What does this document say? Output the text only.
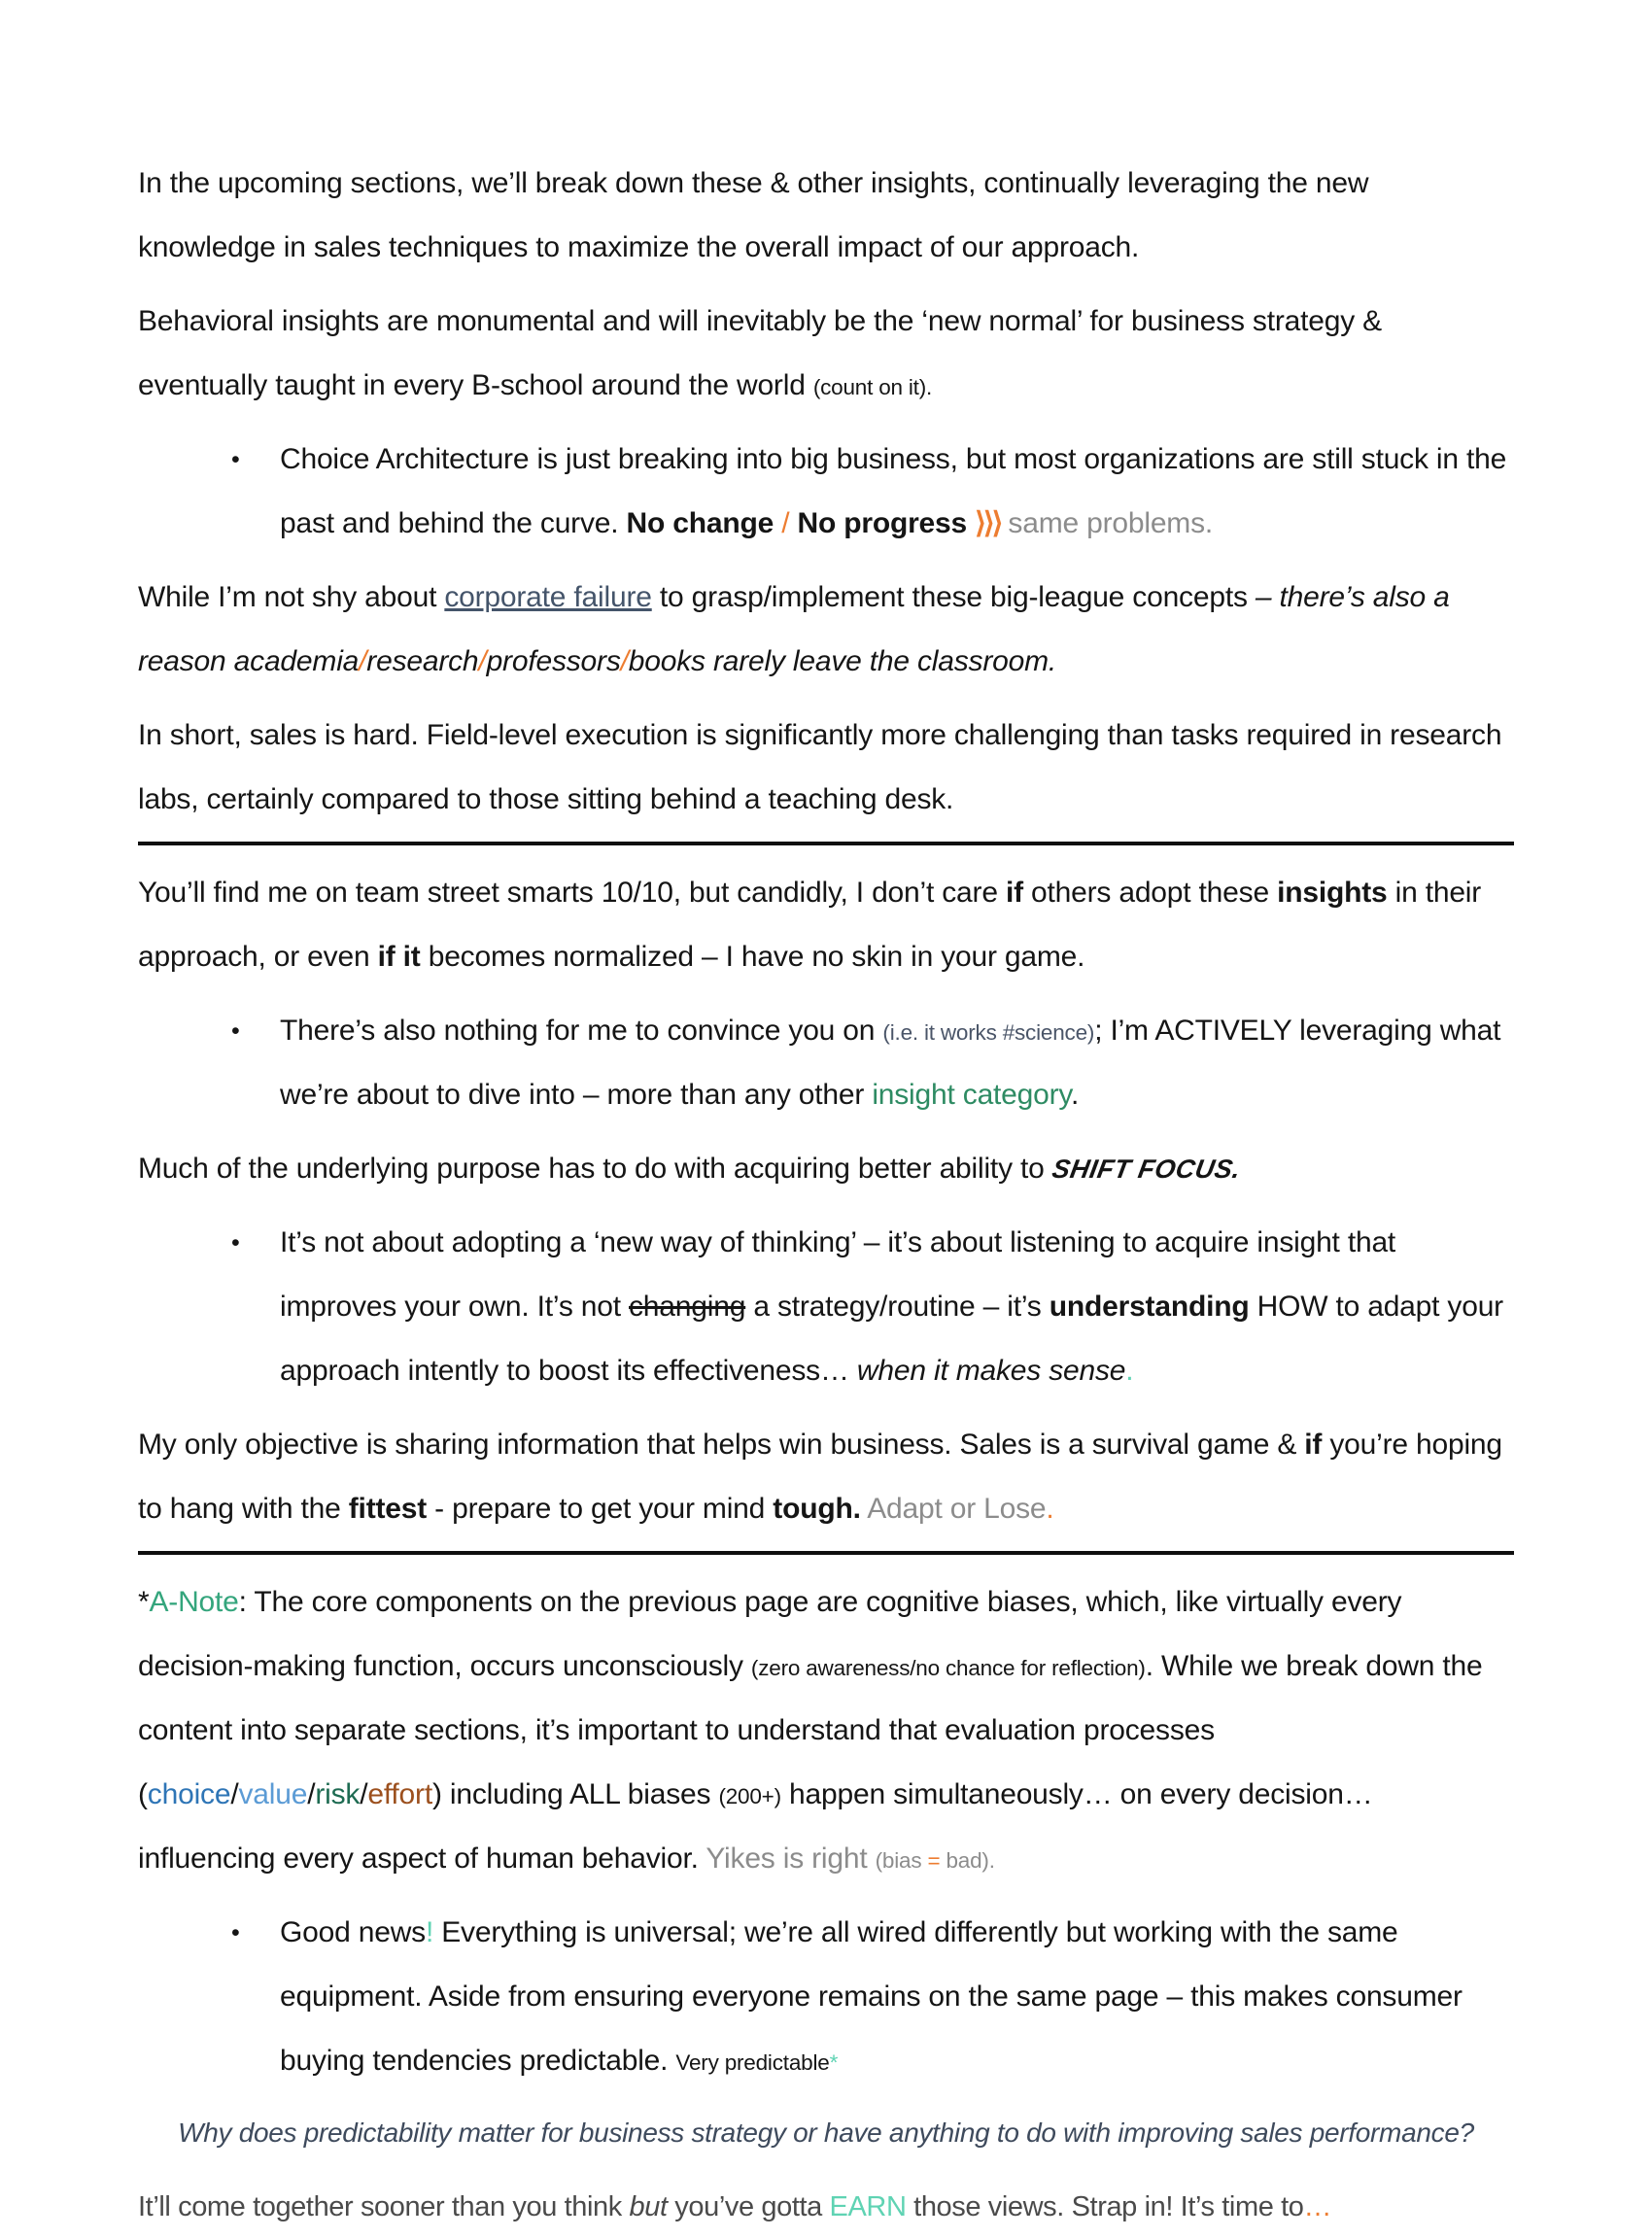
In the upcoming sections, we’ll break down these & other insights, continually leveraging the new knowledge in sales techniques to maximize the overall impact of our approach.

Behavioral insights are monumental and will inevitably be the ‘new normal’ for business strategy & eventually taught in every B-school around the world (count on it).

•	Choice Architecture is just breaking into big business, but most organizations are still stuck in the past and behind the curve. No change / No progress ⟩⟩⟩ same problems.

While I’m not shy about corporate failure to grasp/implement these big-league concepts – there’s also a reason academia/research/professors/books rarely leave the classroom.

In short, sales is hard. Field-level execution is significantly more challenging than tasks required in research labs, certainly compared to those sitting behind a teaching desk.

You’ll find me on team street smarts 10/10, but candidly, I don’t care if others adopt these insights in their approach, or even if it becomes normalized – I have no skin in your game.

•	There’s also nothing for me to convince you on (i.e. it works #science); I’m ACTIVELY leveraging what we’re about to dive into – more than any other insight category.

Much of the underlying purpose has to do with acquiring better ability to SHIFT FOCUS.

•	It’s not about adopting a ‘new way of thinking’ – it’s about listening to acquire insight that improves your own. It’s not changing a strategy/routine – it’s understanding HOW to adapt your approach intently to boost its effectiveness… when it makes sense.

My only objective is sharing information that helps win business. Sales is a survival game & if you’re hoping to hang with the fittest - prepare to get your mind tough. Adapt or Lose.

*A-Note: The core components on the previous page are cognitive biases, which, like virtually every decision-making function, occurs unconsciously (zero awareness/no chance for reflection). While we break down the content into separate sections, it’s important to understand that evaluation processes (choice/value/risk/effort) including ALL biases (200+) happen simultaneously… on every decision… influencing every aspect of human behavior. Yikes is right (bias = bad).

•	Good news! Everything is universal; we’re all wired differently but working with the same equipment. Aside from ensuring everyone remains on the same page – this makes consumer buying tendencies predictable. Very predictable*

Why does predictability matter for business strategy or have anything to do with improving sales performance?

It’ll come together sooner than you think but you’ve gotta EARN those views. Strap in! It’s time to…
